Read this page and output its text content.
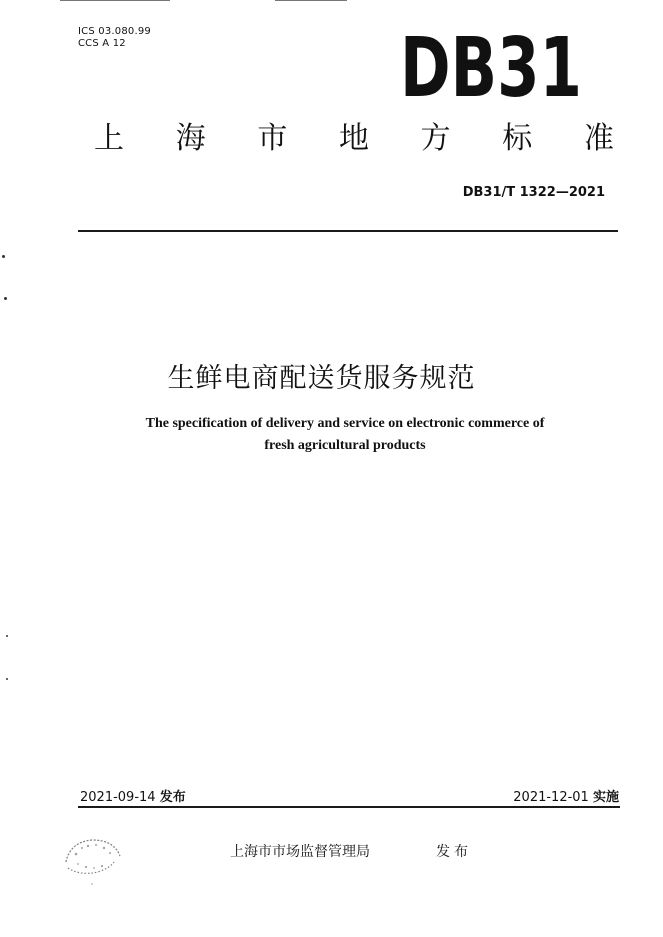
ICS 03.080.99
CCS A 12	DB31
上 海 市 地 方 标 准
DB31/T 1322—2021
生鲜电商配送货服务规范
The specification of delivery and service on electronic commerce of
fresh agricultural products
2021-09-14 发布	2021-12-01 实施
上海市市场监督管理局	发布
